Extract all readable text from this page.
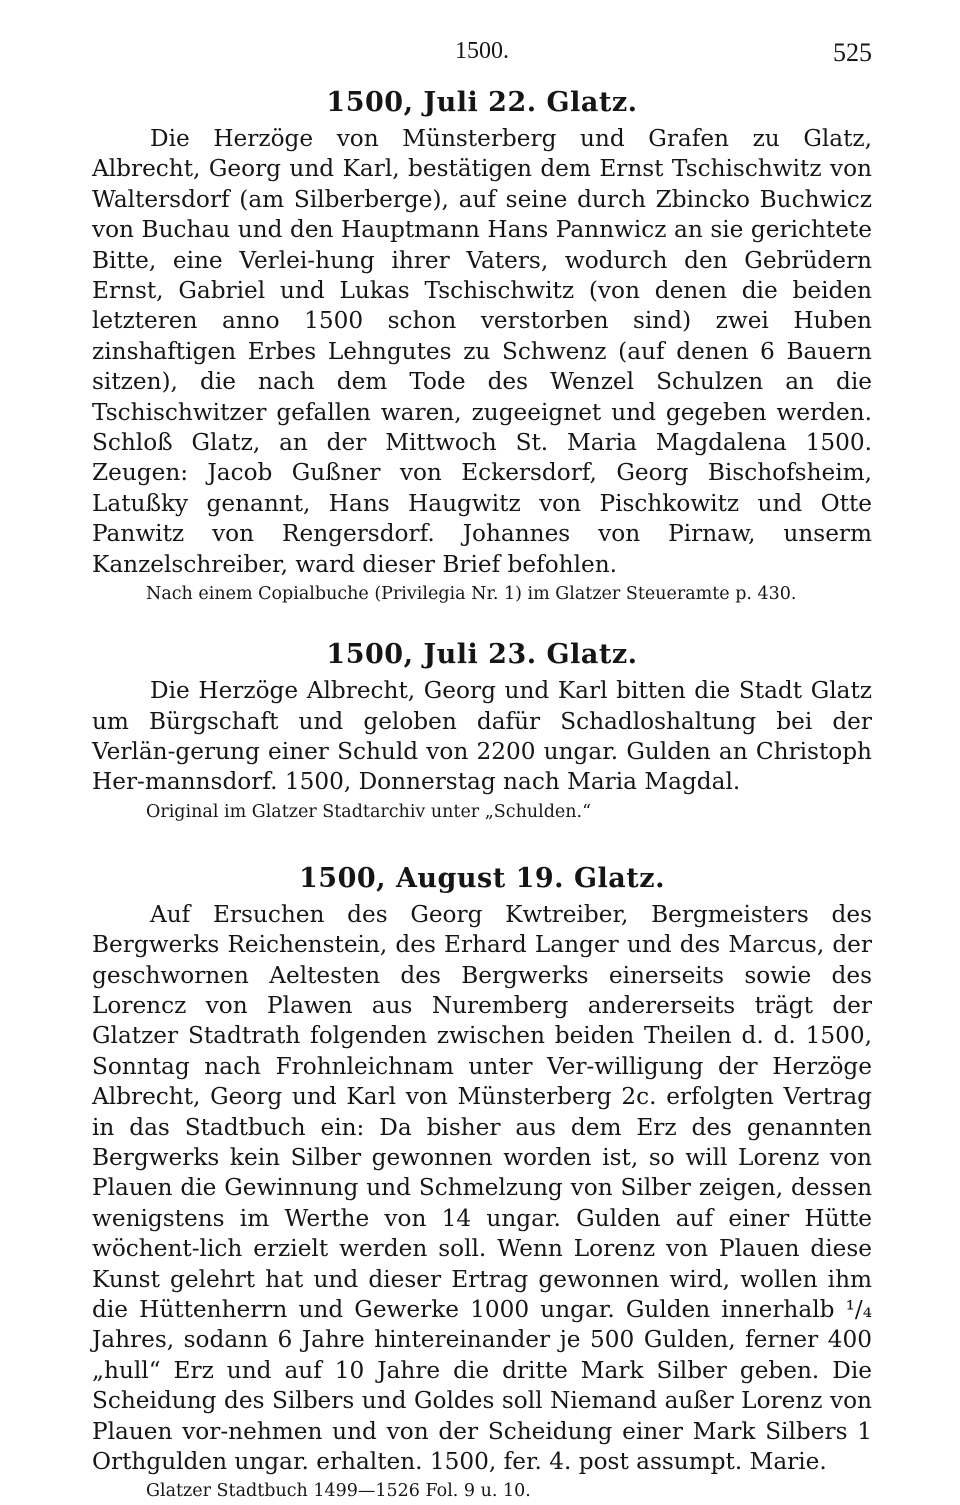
1500.	525
1500, Juli 22. Glatz.

Die Herzöge von Münsterberg und Grafen zu Glatz, Albrecht, Georg und Karl, bestätigen dem Ernst Tschischwitz von Waltersdorf (am Silberberge), auf seine durch Zbincko Buchwicz von Buchau und den Hauptmann Hans Pannwicz an sie gerichtete Bitte, eine Verlei-hung ihrer Vaters, wodurch den Gebrüdern Ernst, Gabriel und Lukas Tschischwitz (von denen die beiden letzteren anno 1500 schon verstorben sind) zwei Huben zinshaftigen Erbes Lehngutes zu Schwenz (auf denen 6 Bauern sitzen), die nach dem Tode des Wenzel Schulzen an die Tschischwitzer gefallen waren, zugeeignet und gegeben werden. Schloß Glatz, an der Mittwoch St. Maria Magdalena 1500. Zeugen: Jacob Gußner von Eckersdorf, Georg Bischofsheim, Latußky genannt, Hans Haugwitz von Pischkowitz und Otte Panwitz von Rengersdorf. Johannes von Pirnaw, unserm Kanzelschreiber, ward dieser Brief befohlen.

Nach einem Copialbuche (Privilegia Nr. 1) im Glatzer Steueramte p. 430.

1500, Juli 23. Glatz.

Die Herzöge Albrecht, Georg und Karl bitten die Stadt Glatz um Bürgschaft und geloben dafür Schadloshaltung bei der Verlän-gerung einer Schuld von 2200 ungar. Gulden an Christoph Her-mannsdorf. 1500, Donnerstag nach Maria Magdal.

Original im Glatzer Stadtarchiv unter „Schulden.“

1500, August 19. Glatz.

Auf Ersuchen des Georg Kwtreiber, Bergmeisters des Bergwerks Reichenstein, des Erhard Langer und des Marcus, der geschwornen Aeltesten des Bergwerks einerseits sowie des Lorencz von Plawen aus Nuremberg andererseits trägt der Glatzer Stadtrath folgenden zwischen beiden Theilen d. d. 1500, Sonntag nach Frohnleichnam unter Ver-willigung der Herzöge Albrecht, Georg und Karl von Münsterberg 2c. erfolgten Vertrag in das Stadtbuch ein: Da bisher aus dem Erz des genannten Bergwerks kein Silber gewonnen worden ist, so will Lorenz von Plauen die Gewinnung und Schmelzung von Silber zeigen, dessen wenigstens im Werthe von 14 ungar. Gulden auf einer Hütte wöchent-lich erzielt werden soll. Wenn Lorenz von Plauen diese Kunst gelehrt hat und dieser Ertrag gewonnen wird, wollen ihm die Hüttenherrn und Gewerke 1000 ungar. Gulden innerhalb ¹/₄ Jahres, sodann 6 Jahre hintereinander je 500 Gulden, ferner 400 „hull“ Erz und auf 10 Jahre die dritte Mark Silber geben. Die Scheidung des Silbers und Goldes soll Niemand außer Lorenz von Plauen vor-nehmen und von der Scheidung einer Mark Silbers 1 Orthgulden ungar. erhalten. 1500, fer. 4. post assumpt. Marie.

Glatzer Stadtbuch 1499—1526 Fol. 9 u. 10.
